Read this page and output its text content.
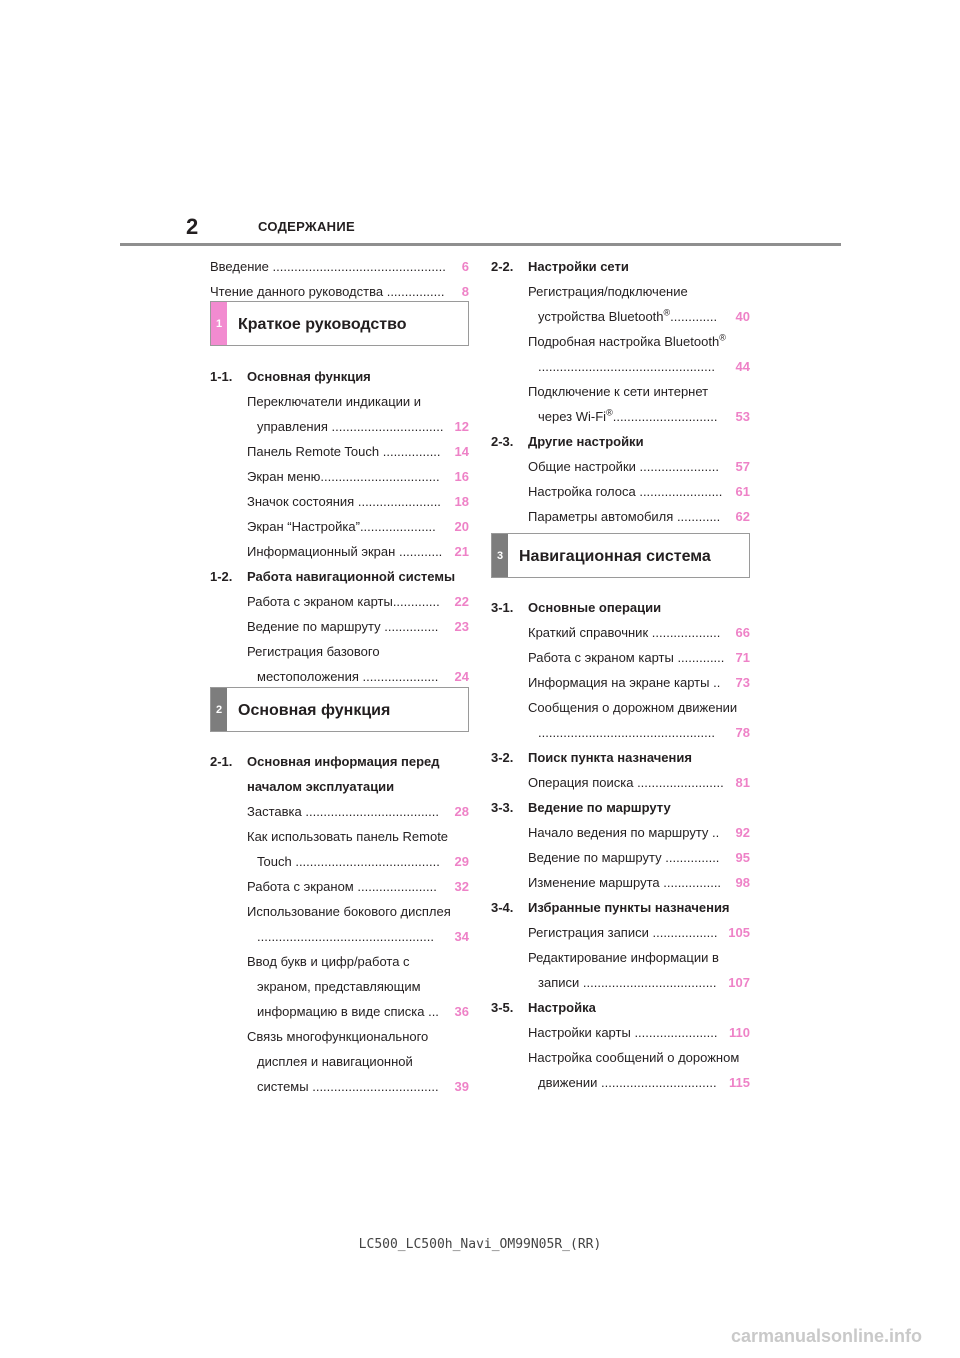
2	СОДЕРЖАНИЕ
Введение ................................................ 6
Чтение данного руководства ................ 8
1 Краткое руководство
1-1. Основная функция
Переключатели индикации и
управления ............................... 12
Панель Remote Touch ................ 14
Экран меню................................. 16
Значок состояния ....................... 18
Экран “Настройка”..................... 20
Информационный экран ............ 21
1-2. Работа навигационной системы
Работа с экраном карты............. 22
Ведение по маршруту ............... 23
Регистрация базового
местоположения ..................... 24
2 Основная функция
2-1. Основная информация перед
началом эксплуатации
Заставка ..................................... 28
Как использовать панель Remote
Touch ........................................ 29
Работа с экраном ...................... 32
Использование бокового дисплея
................................................. 34
Ввод букв и цифр/работа с
экраном, представляющим
информацию в виде списка ... 36
Связь многофункционального
дисплея и навигационной
системы ................................... 39
2-2. Настройки сети
Регистрация/подключение
устройства Bluetooth®............. 40
Подробная настройка Bluetooth®
................................................. 44
Подключение к сети интернет
через Wi-Fi®............................. 53
2-3. Другие настройки
Общие настройки ...................... 57
Настройка голоса ....................... 61
Параметры автомобиля ............ 62
3 Навигационная система
3-1. Основные операции
Краткий справочник ................... 66
Работа с экраном карты ............. 71
Информация на экране карты .. 73
Сообщения о дорожном движении
................................................. 78
3-2. Поиск пункта назначения
Операция поиска ........................ 81
3-3. Ведение по маршруту
Начало ведения по маршруту .. 92
Ведение по маршруту ............... 95
Изменение маршрута ................ 98
3-4. Избранные пункты назначения
Регистрация записи .................. 105
Редактирование информации в
записи ..................................... 107
3-5. Настройка
Настройки карты ....................... 110
Настройка сообщений о дорожном
движении ................................ 115
LC500_LC500h_Navi_OM99N05R_(RR)
carmanualsonline.info
